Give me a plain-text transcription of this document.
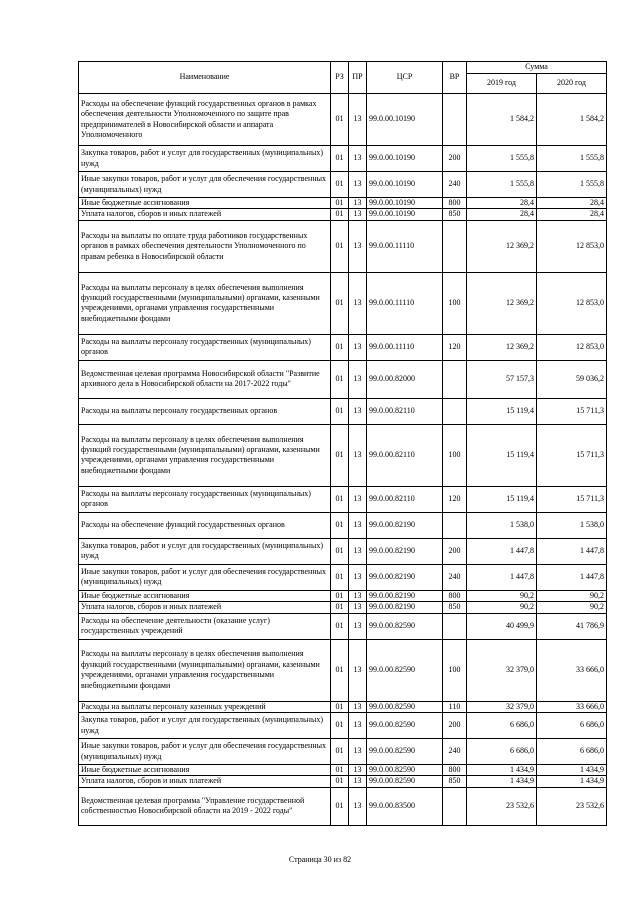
Наименование	РЗ	ПР	ЦСР	ВР	Сумма	
					2019 год	2020 год
Расходы на обеспечение функций государственных органов в рамках обеспечения деятельности Уполномоченного по защите прав предпринимателей в Новосибирской области и аппарата Уполномоченного	01	13	99.0.00.10190		1 584,2	1 584,2
Закупка товаров, работ и услуг для государственных (муниципальных) нужд	01	13	99.0.00.10190	200	1 555,8	1 555,8
Иные закупки товаров, работ и услуг для обеспечения государственных (муниципальных) нужд	01	13	99.0.00.10190	240	1 555,8	1 555,8
Иные бюджетные ассигнования	01	13	99.0.00.10190	800	28,4	28,4
Уплата налогов, сборов и иных платежей	01	13	99.0.00.10190	850	28,4	28,4
Расходы на выплаты по оплате труда работников государственных органов в рамках обеспечения деятельности Уполномоченного по правам ребенка в Новосибирской области	01	13	99.0.00.11110		12 369,2	12 853,0
Расходы на выплаты персоналу в целях обеспечения выполнения функций государственными (муниципальными) органами, казенными учреждениями, органами управления государственными внебюджетными фондами	01	13	99.0.00.11110	100	12 369,2	12 853,0
Расходы на выплаты персоналу государственных (муниципальных) органов	01	13	99.0.00.11110	120	12 369,2	12 853,0
Ведомственная целевая программа Новосибирской области "Развитие архивного дела в Новосибирской области на 2017-2022 годы"	01	13	99.0.00.82000		57 157,3	59 036,2
Расходы на выплаты персоналу государственных органов	01	13	99.0.00.82110		15 119,4	15 711,3
Расходы на выплаты персоналу в целях обеспечения выполнения функций государственными (муниципальными) органами, казенными учреждениями, органами управления государственными внебюджетными фондами	01	13	99.0.00.82110	100	15 119,4	15 711,3
Расходы на выплаты персоналу государственных (муниципальных) органов	01	13	99.0.00.82110	120	15 119,4	15 711,3
Расходы на обеспечение функций государственных органов	01	13	99.0.00.82190		1 538,0	1 538,0
Закупка товаров, работ и услуг для государственных (муниципальных) нужд	01	13	99.0.00.82190	200	1 447,8	1 447,8
Иные закупки товаров, работ и услуг для обеспечения государственных (муниципальных) нужд	01	13	99.0.00.82190	240	1 447,8	1 447,8
Иные бюджетные ассигнования	01	13	99.0.00.82190	800	90,2	90,2
Уплата налогов, сборов и иных платежей	01	13	99.0.00.82190	850	90,2	90,2
Расходы на обеспечение деятельности (оказание услуг) государственных учреждений	01	13	99.0.00.82590		40 499,9	41 786,9
Расходы на выплаты персоналу в целях обеспечения выполнения функций государственными (муниципальными) органами, казенными учреждениями, органами управления государственными внебюджетными фондами	01	13	99.0.00.82590	100	32 379,0	33 666,0
Расходы на выплаты персоналу казенных учреждений	01	13	99.0.00.82590	110	32 379,0	33 666,0
Закупка товаров, работ и услуг для государственных (муниципальных) нужд	01	13	99.0.00.82590	200	6 686,0	6 686,0
Иные закупки товаров, работ и услуг для обеспечения государственных (муниципальных) нужд	01	13	99.0.00.82590	240	6 686,0	6 686,0
Иные бюджетные ассигнования	01	13	99.0.00.82590	800	1 434,9	1 434,9
Уплата налогов, сборов и иных платежей	01	13	99.0.00.82590	850	1 434,9	1 434,9
Ведомственная целевая программа "Управление государственной собственностью Новосибирской области на 2019 - 2022 годы"	01	13	99.0.00.83500		23 532,6	23 532,6
Страница 30 из 82
